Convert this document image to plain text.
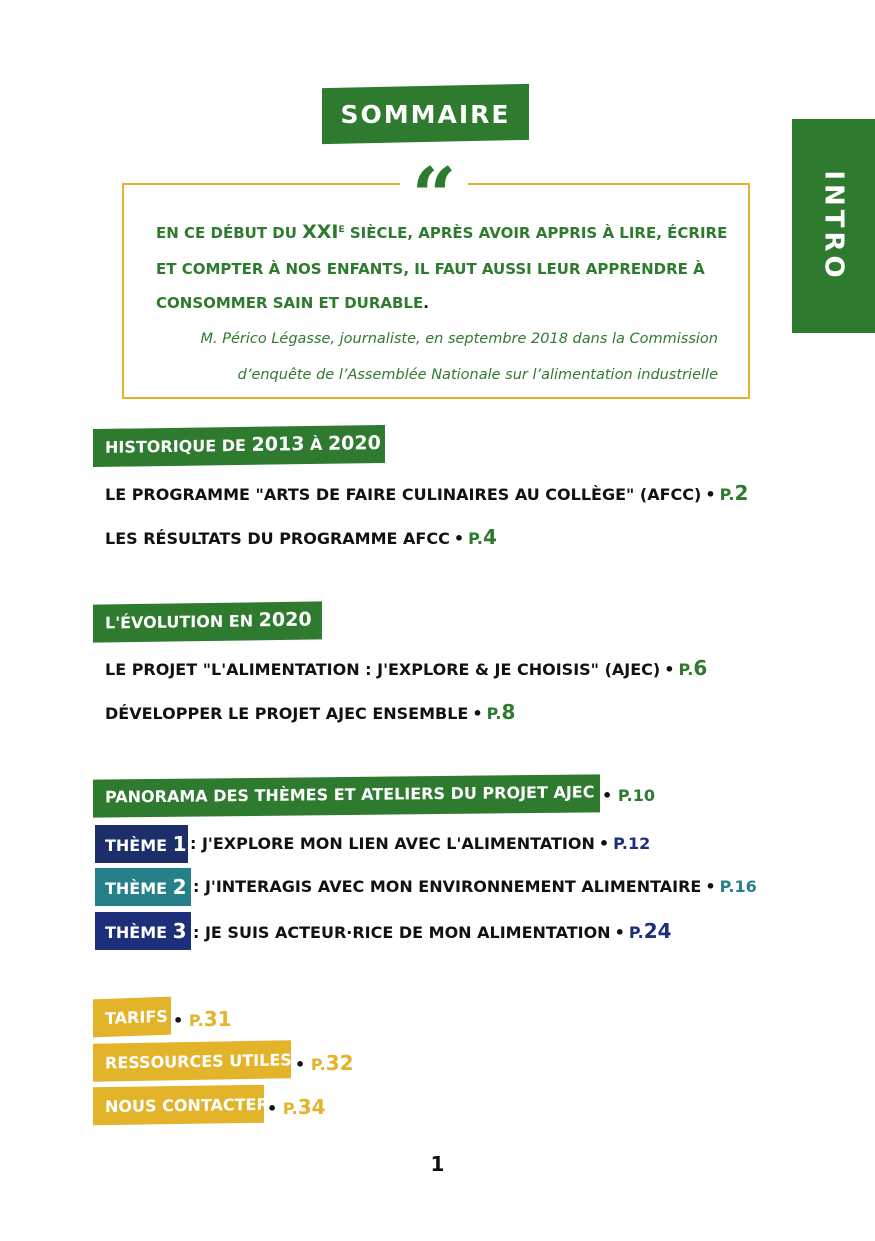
SOMMAIRE
INTRO
“
EN CE DÉBUT DU $XXI^E$ SIÈCLE, APRÈS AVOIR APPRIS À LIRE, ÉCRIRE
ET COMPTER À NOS ENFANTS, IL FAUT AUSSI LEUR APPRENDRE À
CONSOMMER SAIN ET DURABLE.
M. Périco Légasse, journaliste, en septembre 2018 dans la Commission
d’enquête de l’Assemblée Nationale sur l’alimentation industrielle
HISTORIQUE DE 2013 À 2020
LE PROGRAMME "ARTS DE FAIRE CULINAIRES AU COLLÈGE" (AFCC) • P.2
LES RÉSULTATS DU PROGRAMME AFCC • P.4
L'ÉVOLUTION EN 2020
LE PROJET "L'ALIMENTATION : J'EXPLORE & JE CHOISIS" (AJEC) • P.6
DÉVELOPPER LE PROJET AJEC ENSEMBLE • P.8
PANORAMA DES THÈMES ET ATELIERS DU PROJET AJEC • P.10
THÈME 1 : J'EXPLORE MON LIEN AVEC L'ALIMENTATION • P.12
THÈME 2 : J'INTERAGIS AVEC MON ENVIRONNEMENT ALIMENTAIRE • P.16
THÈME 3 : JE SUIS ACTEUR·RICE DE MON ALIMENTATION • P.24
TARIFS • P.31
RESSOURCES UTILES • P.32
NOUS CONTACTER
• P.34
1
